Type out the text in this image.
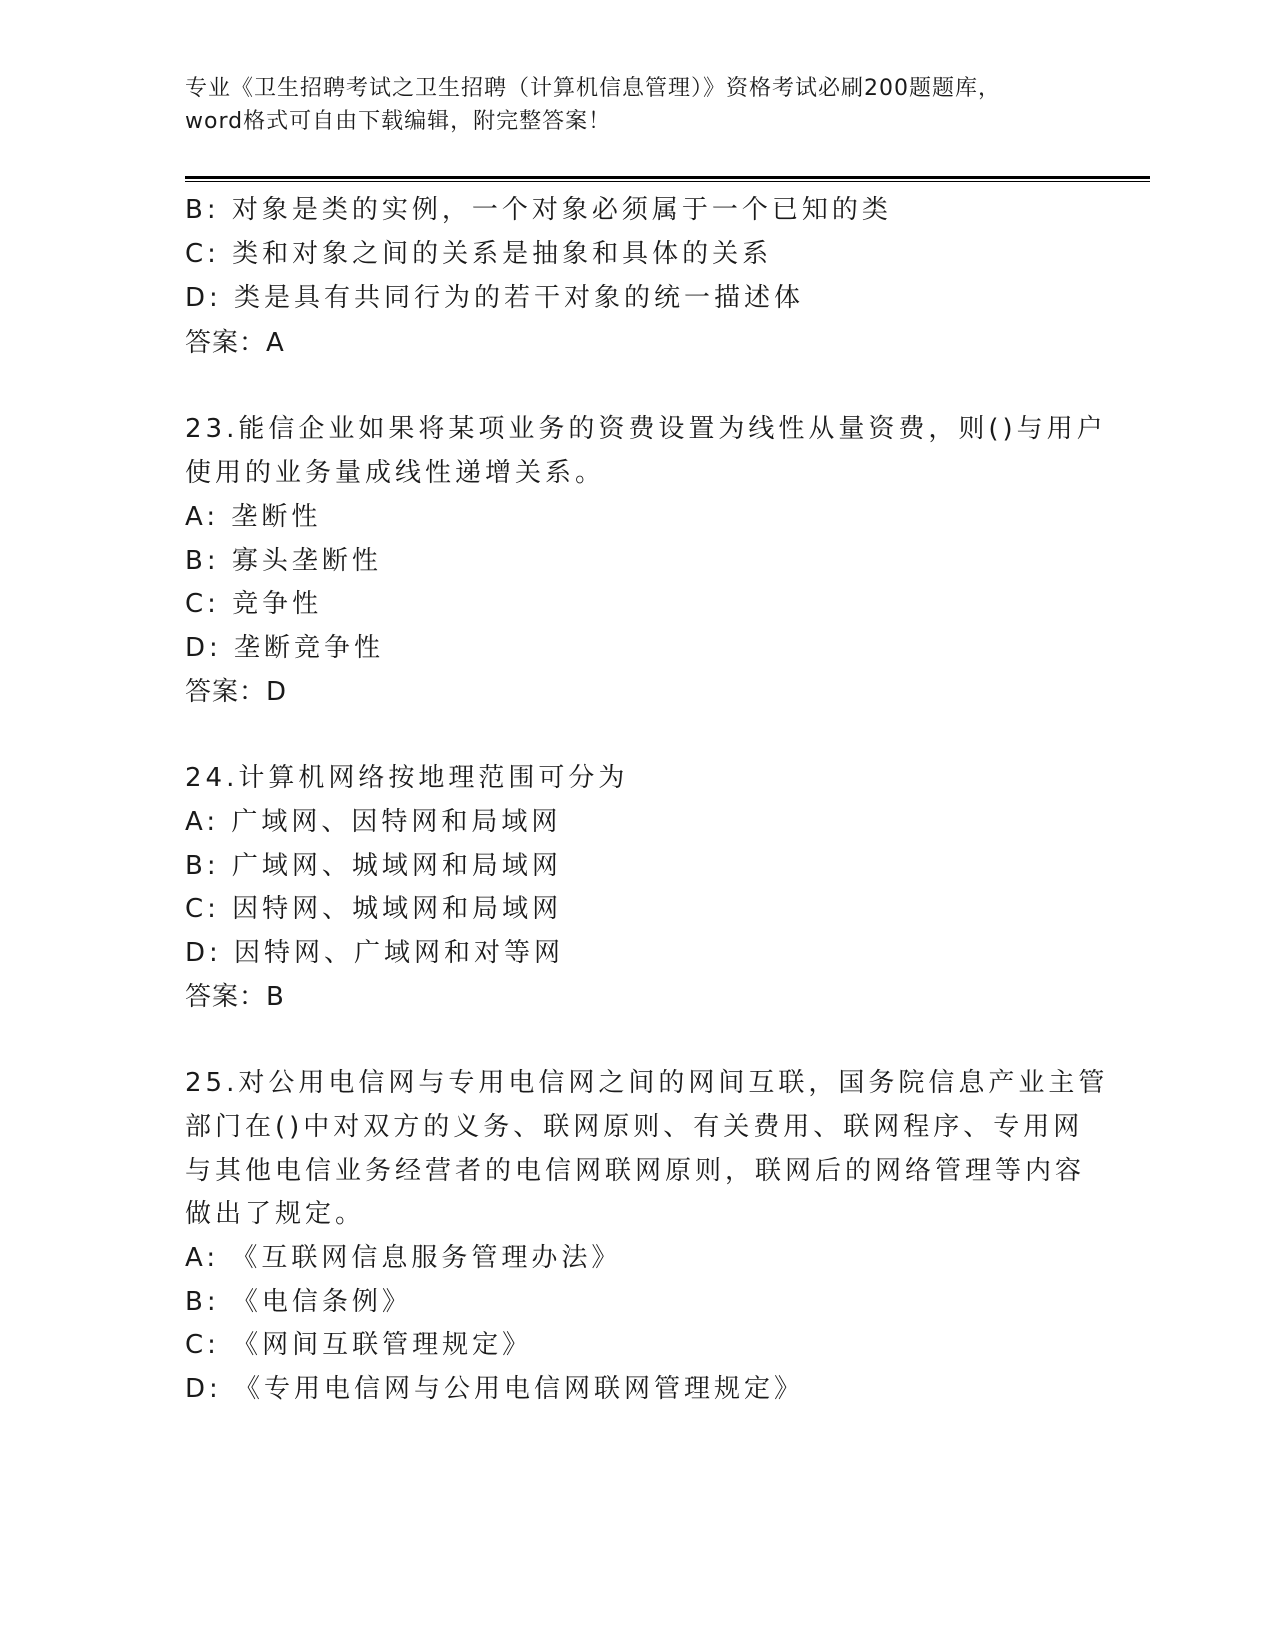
专业《卫生招聘考试之卫生招聘（计算机信息管理）》资格考试必刷200题题库，
word格式可自由下载编辑，附完整答案！
B: 对象是类的实例，一个对象必须属于一个已知的类
C: 类和对象之间的关系是抽象和具体的关系
D: 类是具有共同行为的若干对象的统一描述体
答案：A
23.能信企业如果将某项业务的资费设置为线性从量资费，则()与用户
使用的业务量成线性递增关系。
A: 垄断性
B: 寡头垄断性
C: 竞争性
D: 垄断竞争性
答案：D
24.计算机网络按地理范围可分为
A: 广域网、因特网和局域网
B: 广域网、城域网和局域网
C: 因特网、城域网和局域网
D: 因特网、广域网和对等网
答案：B
25.对公用电信网与专用电信网之间的网间互联，国务院信息产业主管
部门在()中对双方的义务、联网原则、有关费用、联网程序、专用网
与其他电信业务经营者的电信网联网原则，联网后的网络管理等内容
做出了规定。
A: 《互联网信息服务管理办法》
B: 《电信条例》
C: 《网间互联管理规定》
D: 《专用电信网与公用电信网联网管理规定》
